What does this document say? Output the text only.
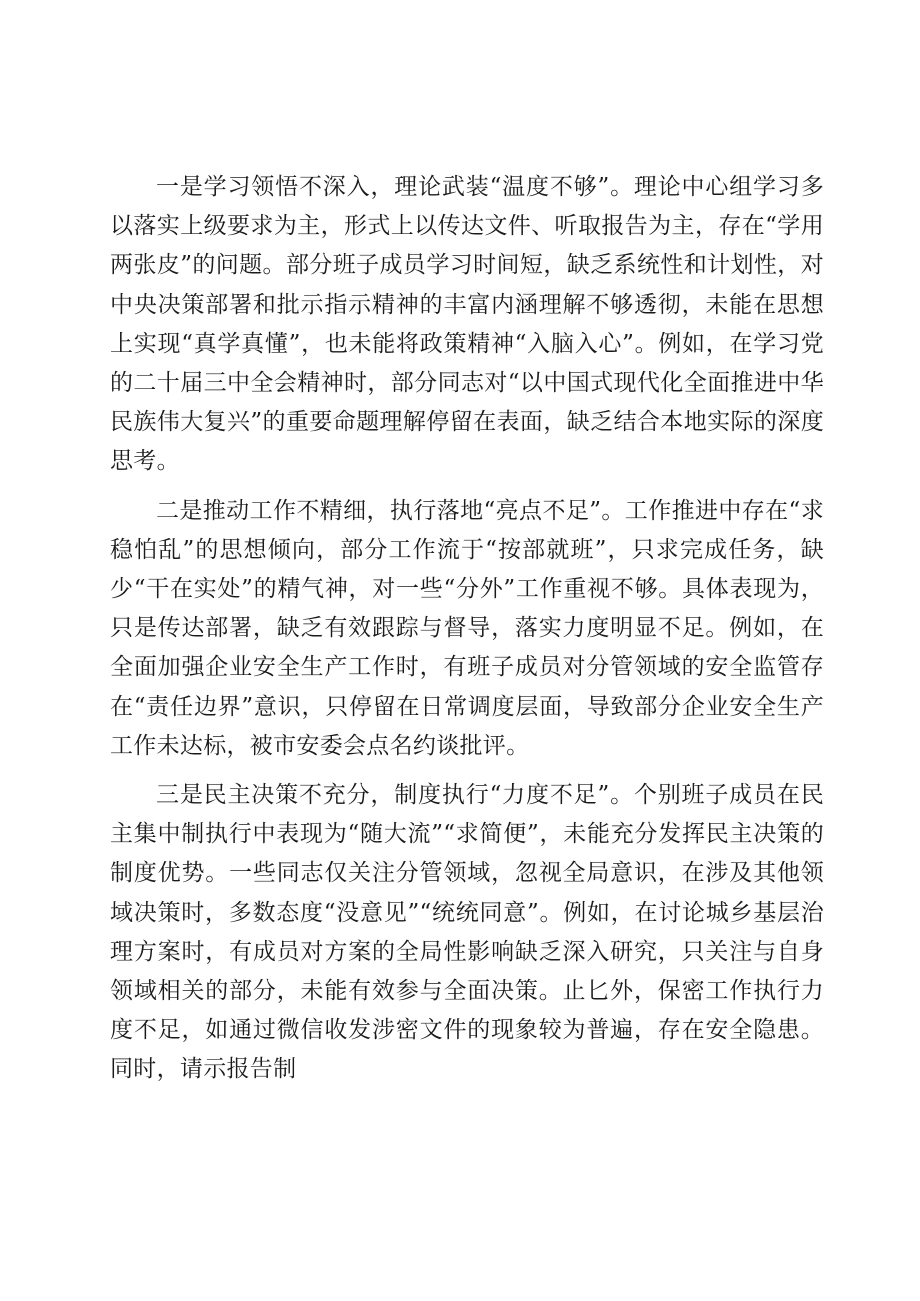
一是学习领悟不深入，理论武装“温度不够”。理论中心组学习多以落实上级要求为主，形式上以传达文件、听取报告为主，存在“学用两张皮”的问题。部分班子成员学习时间短，缺乏系统性和计划性，对中央决策部署和批示指示精神的丰富内涵理解不够透彻，未能在思想上实现“真学真懂”，也未能将政策精神“入脑入心”。例如，在学习党的二十届三中全会精神时，部分同志对“以中国式现代化全面推进中华民族伟大复兴”的重要命题理解停留在表面，缺乏结合本地实际的深度思考。

二是推动工作不精细，执行落地“亮点不足”。工作推进中存在“求稳怕乱”的思想倾向，部分工作流于“按部就班”，只求完成任务，缺少“干在实处”的精气神，对一些“分外”工作重视不够。具体表现为，只是传达部署，缺乏有效跟踪与督导，落实力度明显不足。例如，在全面加强企业安全生产工作时，有班子成员对分管领域的安全监管存在“责任边界”意识，只停留在日常调度层面，导致部分企业安全生产工作未达标，被市安委会点名约谈批评。

三是民主决策不充分，制度执行“力度不足”。个别班子成员在民主集中制执行中表现为“随大流”“求简便”，未能充分发挥民主决策的制度优势。一些同志仅关注分管领域，忽视全局意识，在涉及其他领域决策时，多数态度“没意见”“统统同意”。例如，在讨论城乡基层治理方案时，有成员对方案的全局性影响缺乏深入研究，只关注与自身领域相关的部分，未能有效参与全面决策。止匕外，保密工作执行力度不足，如通过微信收发涉密文件的现象较为普遍，存在安全隐患。同时，请示报告制
